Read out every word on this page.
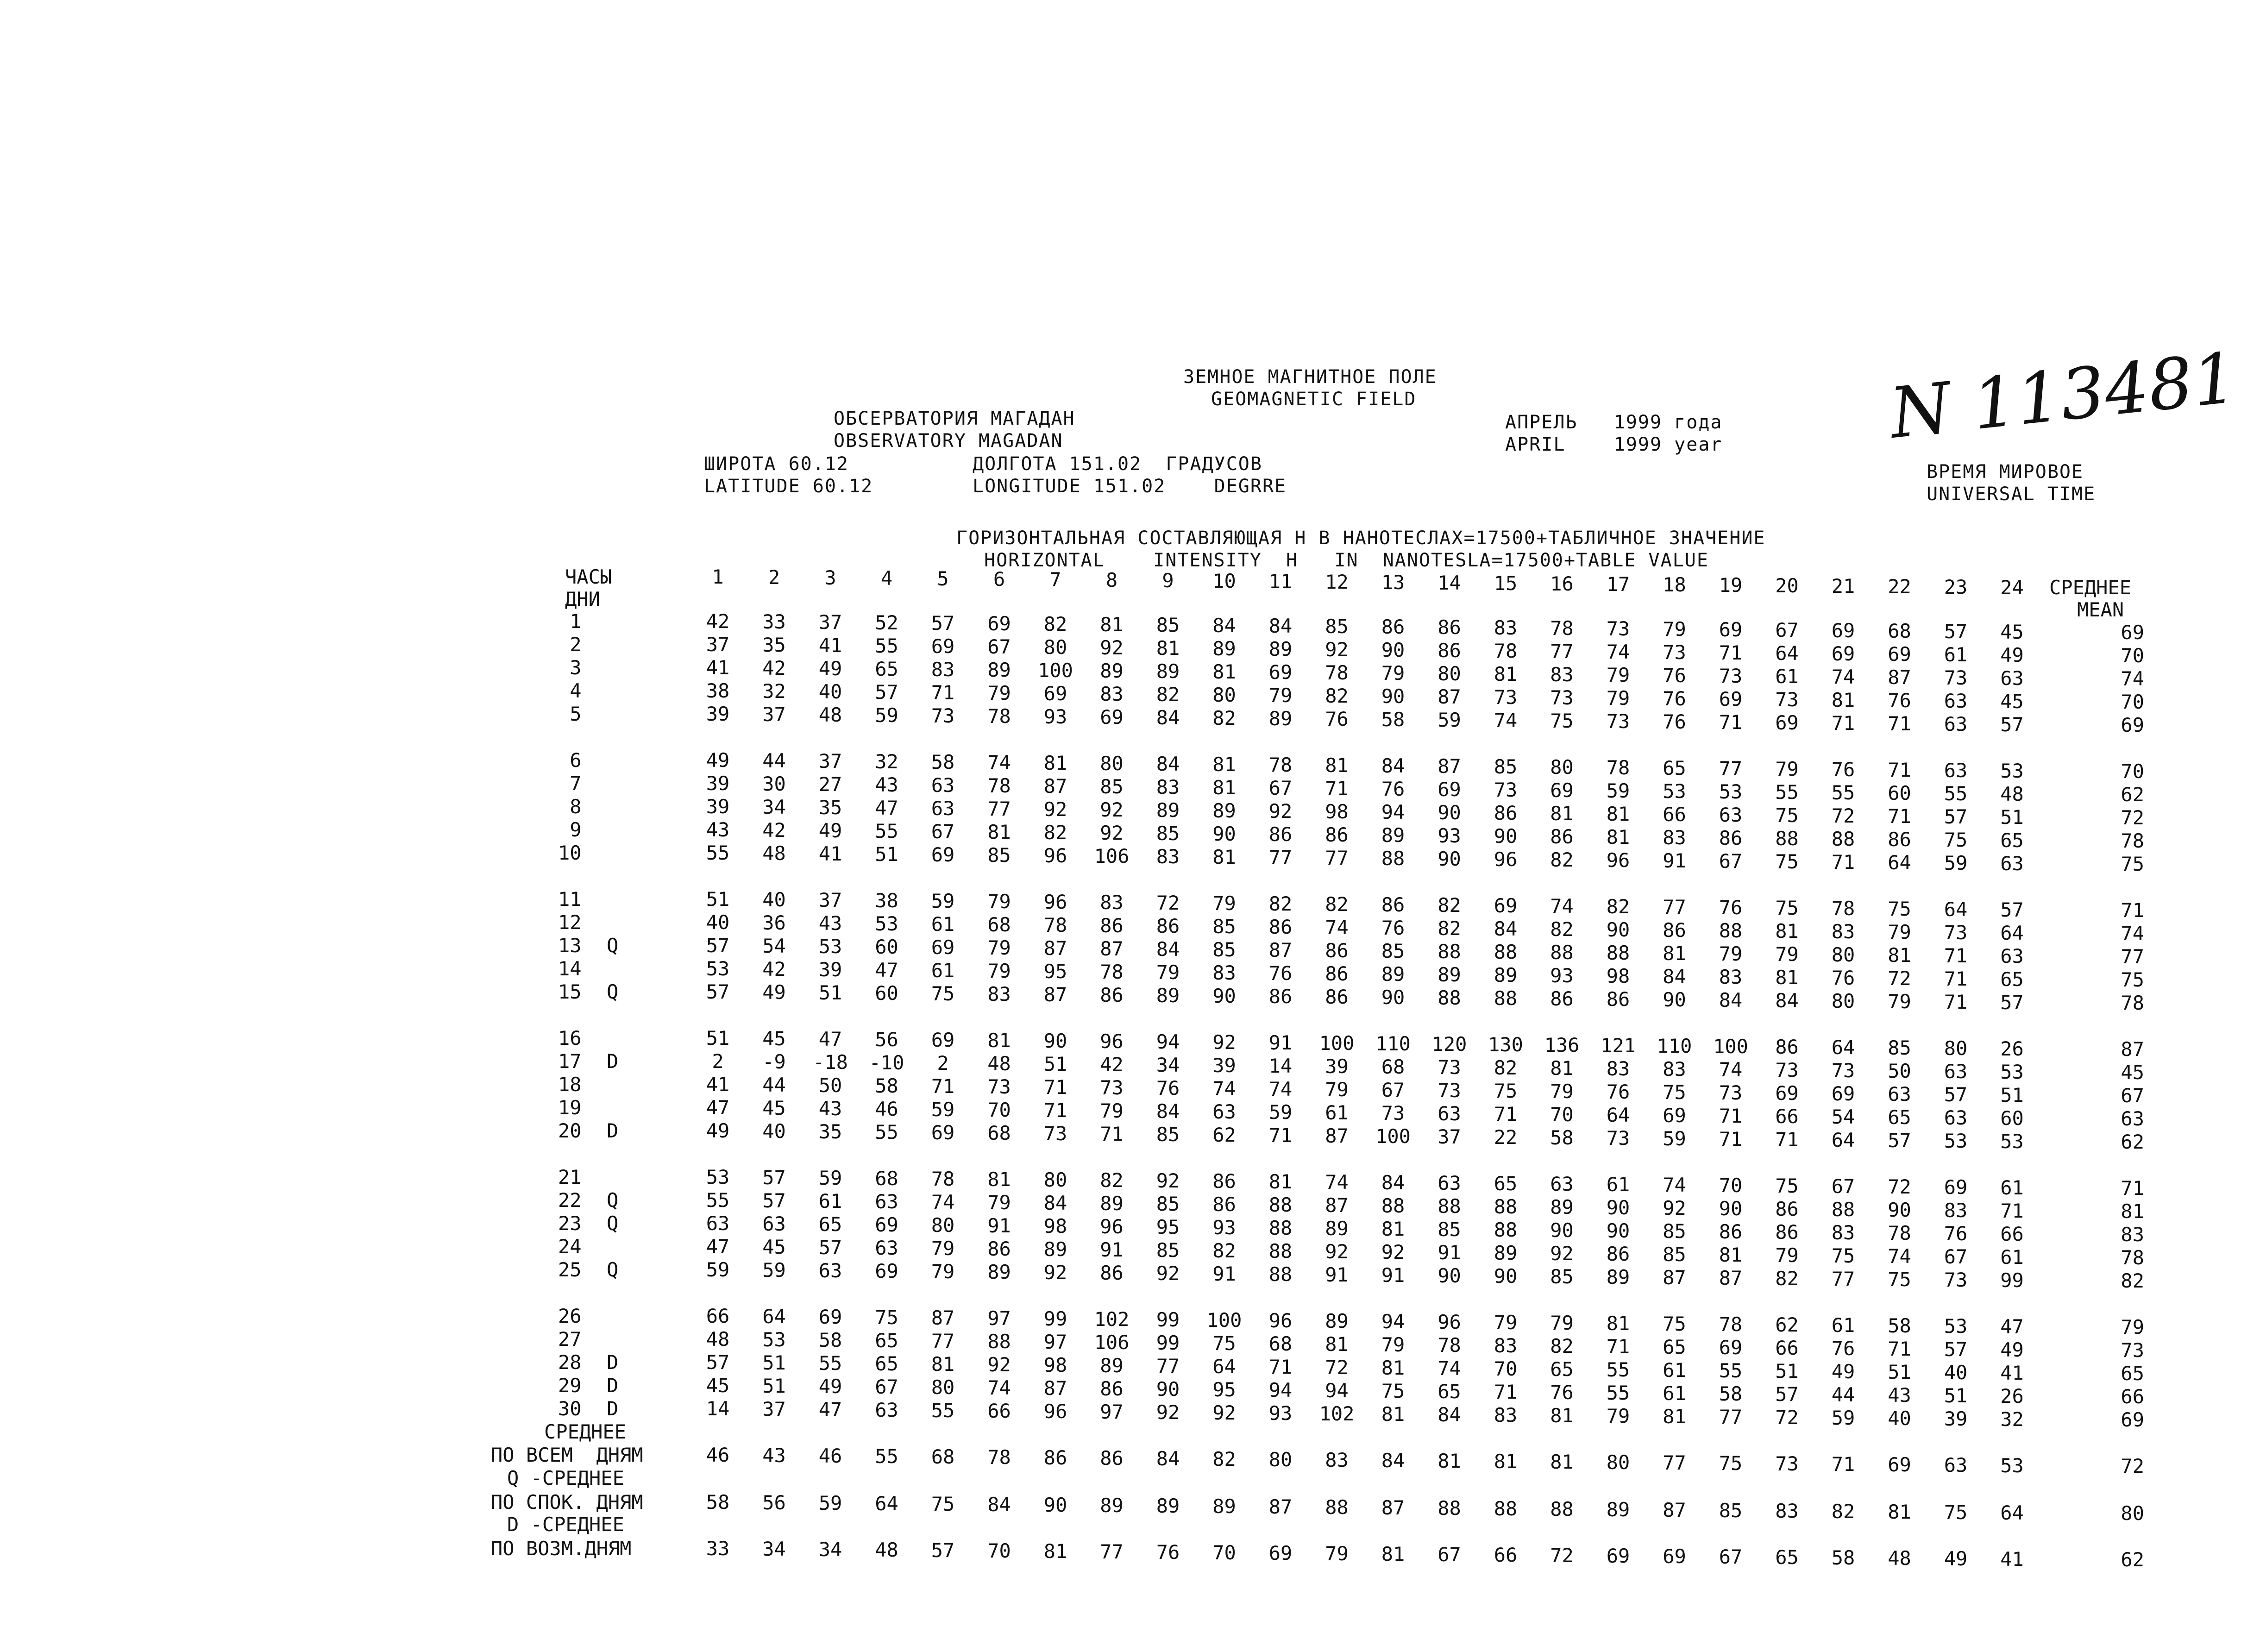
ЗЕМНОЕ МАГНИТНОЕ ПОЛЕ
GEOMAGNETIC FIELD
ОБСЕРВАТОРИЯ МАГАДАН
OBSERVATORY MAGADAN
ШИРОТА 60.12
LATITUDE 60.12
ДОЛГОТА 151.02  ГРАДУСОВ
LONGITUDE 151.02    DEGRRE
АПРЕЛЬ   1999 года
APRIL    1999 year
ВРЕМЯ МИРОВОЕ
UNIVERSAL TIME
N 113481
ГОРИЗОНТАЛЬНАЯ СОСТАВЛЯЮЩАЯ H В НАНОТЕСЛАХ=17500+ТАБЛИЧНОЕ ЗНАЧЕНИЕ
HORIZONTAL    INTENSITY  H   IN  NANOTESLA=17500+TABLE VALUE
ЧАСЫ
ДНИ
1	2	3	4	5	6	7	8	9	10	11	12	13	14	15	16	17	18	19	20	21	22	23	24	СРЕДНЕЕ
MEAN
1	42	33	37	52	57	69	82	81	85	84	84	85	86	86	83	78	73	79	69	67	69	68	57	45	69
2	37	35	41	55	69	67	80	92	81	89	89	92	90	86	78	77	74	73	71	64	69	69	61	49	70
3	41	42	49	65	83	89	100	89	89	81	69	78	79	80	81	83	79	76	73	61	74	87	73	63	74
4	38	32	40	57	71	79	69	83	82	80	79	82	90	87	73	73	79	76	69	73	81	76	63	45	70
5	39	37	48	59	73	78	93	69	84	82	89	76	58	59	74	75	73	76	71	69	71	71	63	57	69
6	49	44	37	32	58	74	81	80	84	81	78	81	84	87	85	80	78	65	77	79	76	71	63	53	70
7	39	30	27	43	63	78	87	85	83	81	67	71	76	69	73	69	59	53	53	55	55	60	55	48	62
8	39	34	35	47	63	77	92	92	89	89	92	98	94	90	86	81	81	66	63	75	72	71	57	51	72
9	43	42	49	55	67	81	82	92	85	90	86	86	89	93	90	86	81	83	86	88	88	86	75	65	78
10	55	48	41	51	69	85	96	106	83	81	77	77	88	90	96	82	96	91	67	75	71	64	59	63	75
11	51	40	37	38	59	79	96	83	72	79	82	82	86	82	69	74	82	77	76	75	78	75	64	57	71
12	40	36	43	53	61	68	78	86	86	85	86	74	76	82	84	82	90	86	88	81	83	79	73	64	74
13 Q	57	54	53	60	69	79	87	87	84	85	87	86	85	88	88	88	88	81	79	79	80	81	71	63	77
14	53	42	39	47	61	79	95	78	79	83	76	86	89	89	89	93	98	84	83	81	76	72	71	65	75
15 Q	57	49	51	60	75	83	87	86	89	90	86	86	90	88	88	86	86	90	84	84	80	79	71	57	78
16	51	45	47	56	69	81	90	96	94	92	91	100	110	120	130	136	121	110	100	86	64	85	80	26	87
17 D	2	-9	-18	-10	2	48	51	42	34	39	14	39	68	73	82	81	83	83	74	73	73	50	63	53	45
18	41	44	50	58	71	73	71	73	76	74	74	79	67	73	75	79	76	75	73	69	69	63	57	51	67
19	47	45	43	46	59	70	71	79	84	63	59	61	73	63	71	70	64	69	71	66	54	65	63	60	63
20 D	49	40	35	55	69	68	73	71	85	62	71	87	100	37	22	58	73	59	71	71	64	57	53	53	62
21	53	57	59	68	78	81	80	82	92	86	81	74	84	63	65	63	61	74	70	75	67	72	69	61	71
22 Q	55	57	61	63	74	79	84	89	85	86	88	87	88	88	88	89	90	92	90	86	88	90	83	71	81
23 Q	63	63	65	69	80	91	98	96	95	93	88	89	81	85	88	90	90	85	86	86	83	78	76	66	83
24	47	45	57	63	79	86	89	91	85	82	88	92	92	91	89	92	86	85	81	79	75	74	67	61	78
25 Q	59	59	63	69	79	89	92	86	92	91	88	91	91	90	90	85	89	87	87	82	77	75	73	99	82
26	66	64	69	75	87	97	99	102	99	100	96	89	94	96	79	79	81	75	78	62	61	58	53	47	79
27	48	53	58	65	77	88	97	106	99	75	68	81	79	78	83	82	71	65	69	66	76	71	57	49	73
28 D	57	51	55	65	81	92	98	89	77	64	71	72	81	74	70	65	55	61	55	51	49	51	40	41	65
29 D	45	51	49	67	80	74	87	86	90	95	94	94	75	65	71	76	55	61	58	57	44	43	51	26	66
30 D	14	37	47	63	55	66	96	97	92	92	93	102	81	84	83	81	79	81	77	72	59	40	39	32	69
СРЕДНЕЕ
ПО ВСЕМ  ДНЯМ	46	43	46	55	68	78	86	86	84	82	80	83	84	81	81	81	80	77	75	73	71	69	63	53	72
Q -СРЕДНЕЕ
ПО СПОК. ДНЯМ	58	56	59	64	75	84	90	89	89	89	87	88	87	88	88	88	89	87	85	83	82	81	75	64	80
D -СРЕДНЕЕ
ПО ВОЗМ.ДНЯМ	33	34	34	48	57	70	81	77	76	70	69	79	81	67	66	72	69	69	67	65	58	48	49	41	62
